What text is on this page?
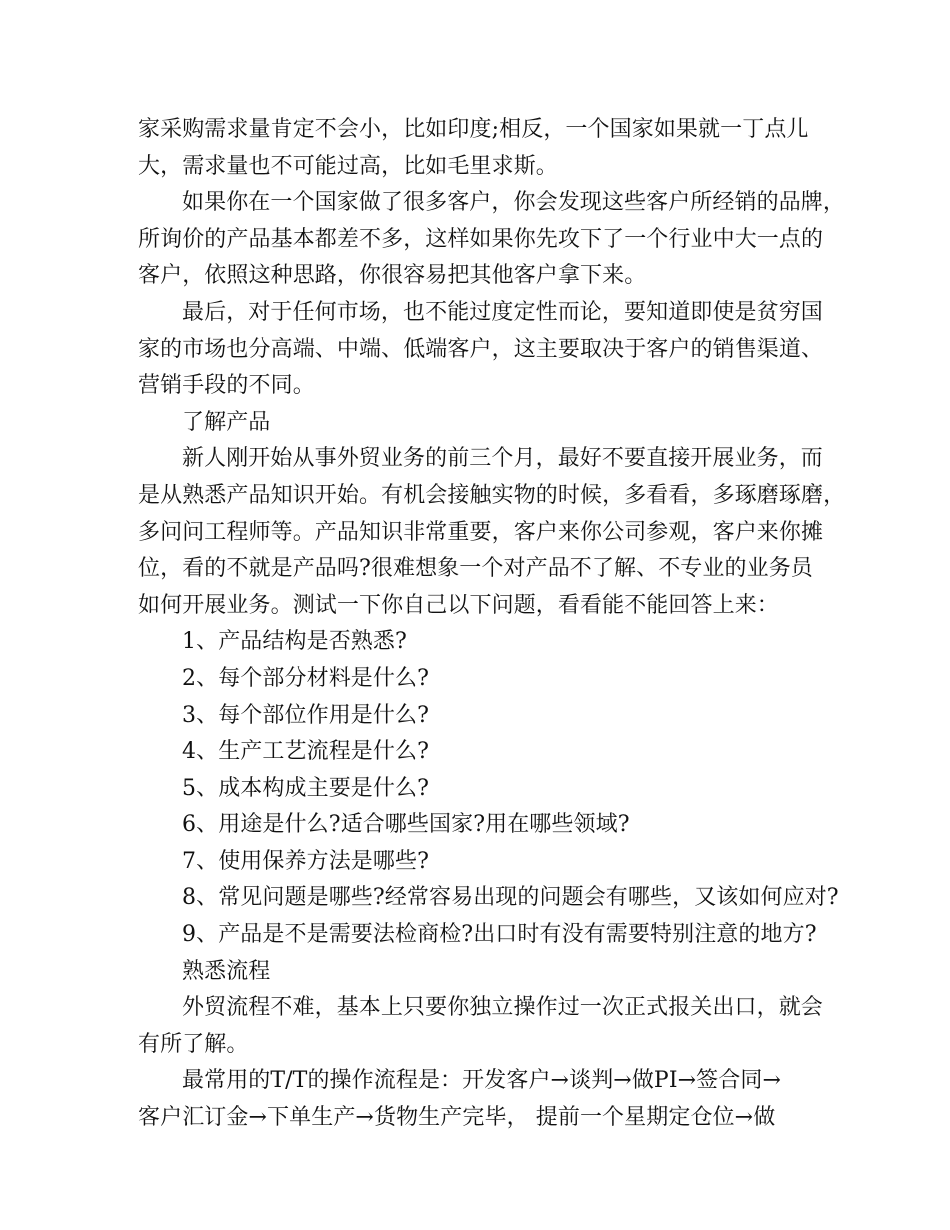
家采购需求量肯定不会小，比如印度;相反，一个国家如果就一丁点儿
大，需求量也不可能过高，比如毛里求斯。
如果你在一个国家做了很多客户，你会发现这些客户所经销的品牌，
所询价的产品基本都差不多，这样如果你先攻下了一个行业中大一点的
客户，依照这种思路，你很容易把其他客户拿下来。
最后，对于任何市场，也不能过度定性而论，要知道即使是贫穷国
家的市场也分高端、中端、低端客户，这主要取决于客户的销售渠道、
营销手段的不同。
了解产品
新人刚开始从事外贸业务的前三个月，最好不要直接开展业务，而
是从熟悉产品知识开始。有机会接触实物的时候，多看看，多琢磨琢磨，
多问问工程师等。产品知识非常重要，客户来你公司参观，客户来你摊
位，看的不就是产品吗?很难想象一个对产品不了解、不专业的业务员
如何开展业务。测试一下你自己以下问题，看看能不能回答上来：
1、产品结构是否熟悉?
2、每个部分材料是什么?
3、每个部位作用是什么?
4、生产工艺流程是什么?
5、成本构成主要是什么?
6、用途是什么?适合哪些国家?用在哪些领域?
7、使用保养方法是哪些?
8、常见问题是哪些?经常容易出现的问题会有哪些，又该如何应对?
9、产品是不是需要法检商检?出口时有没有需要特别注意的地方?
熟悉流程
外贸流程不难，基本上只要你独立操作过一次正式报关出口，就会
有所了解。
最常用的T/T的操作流程是：开发客户→谈判→做PI→签合同→
客户汇订金→下单生产→货物生产完毕， 提前一个星期定仓位→做
